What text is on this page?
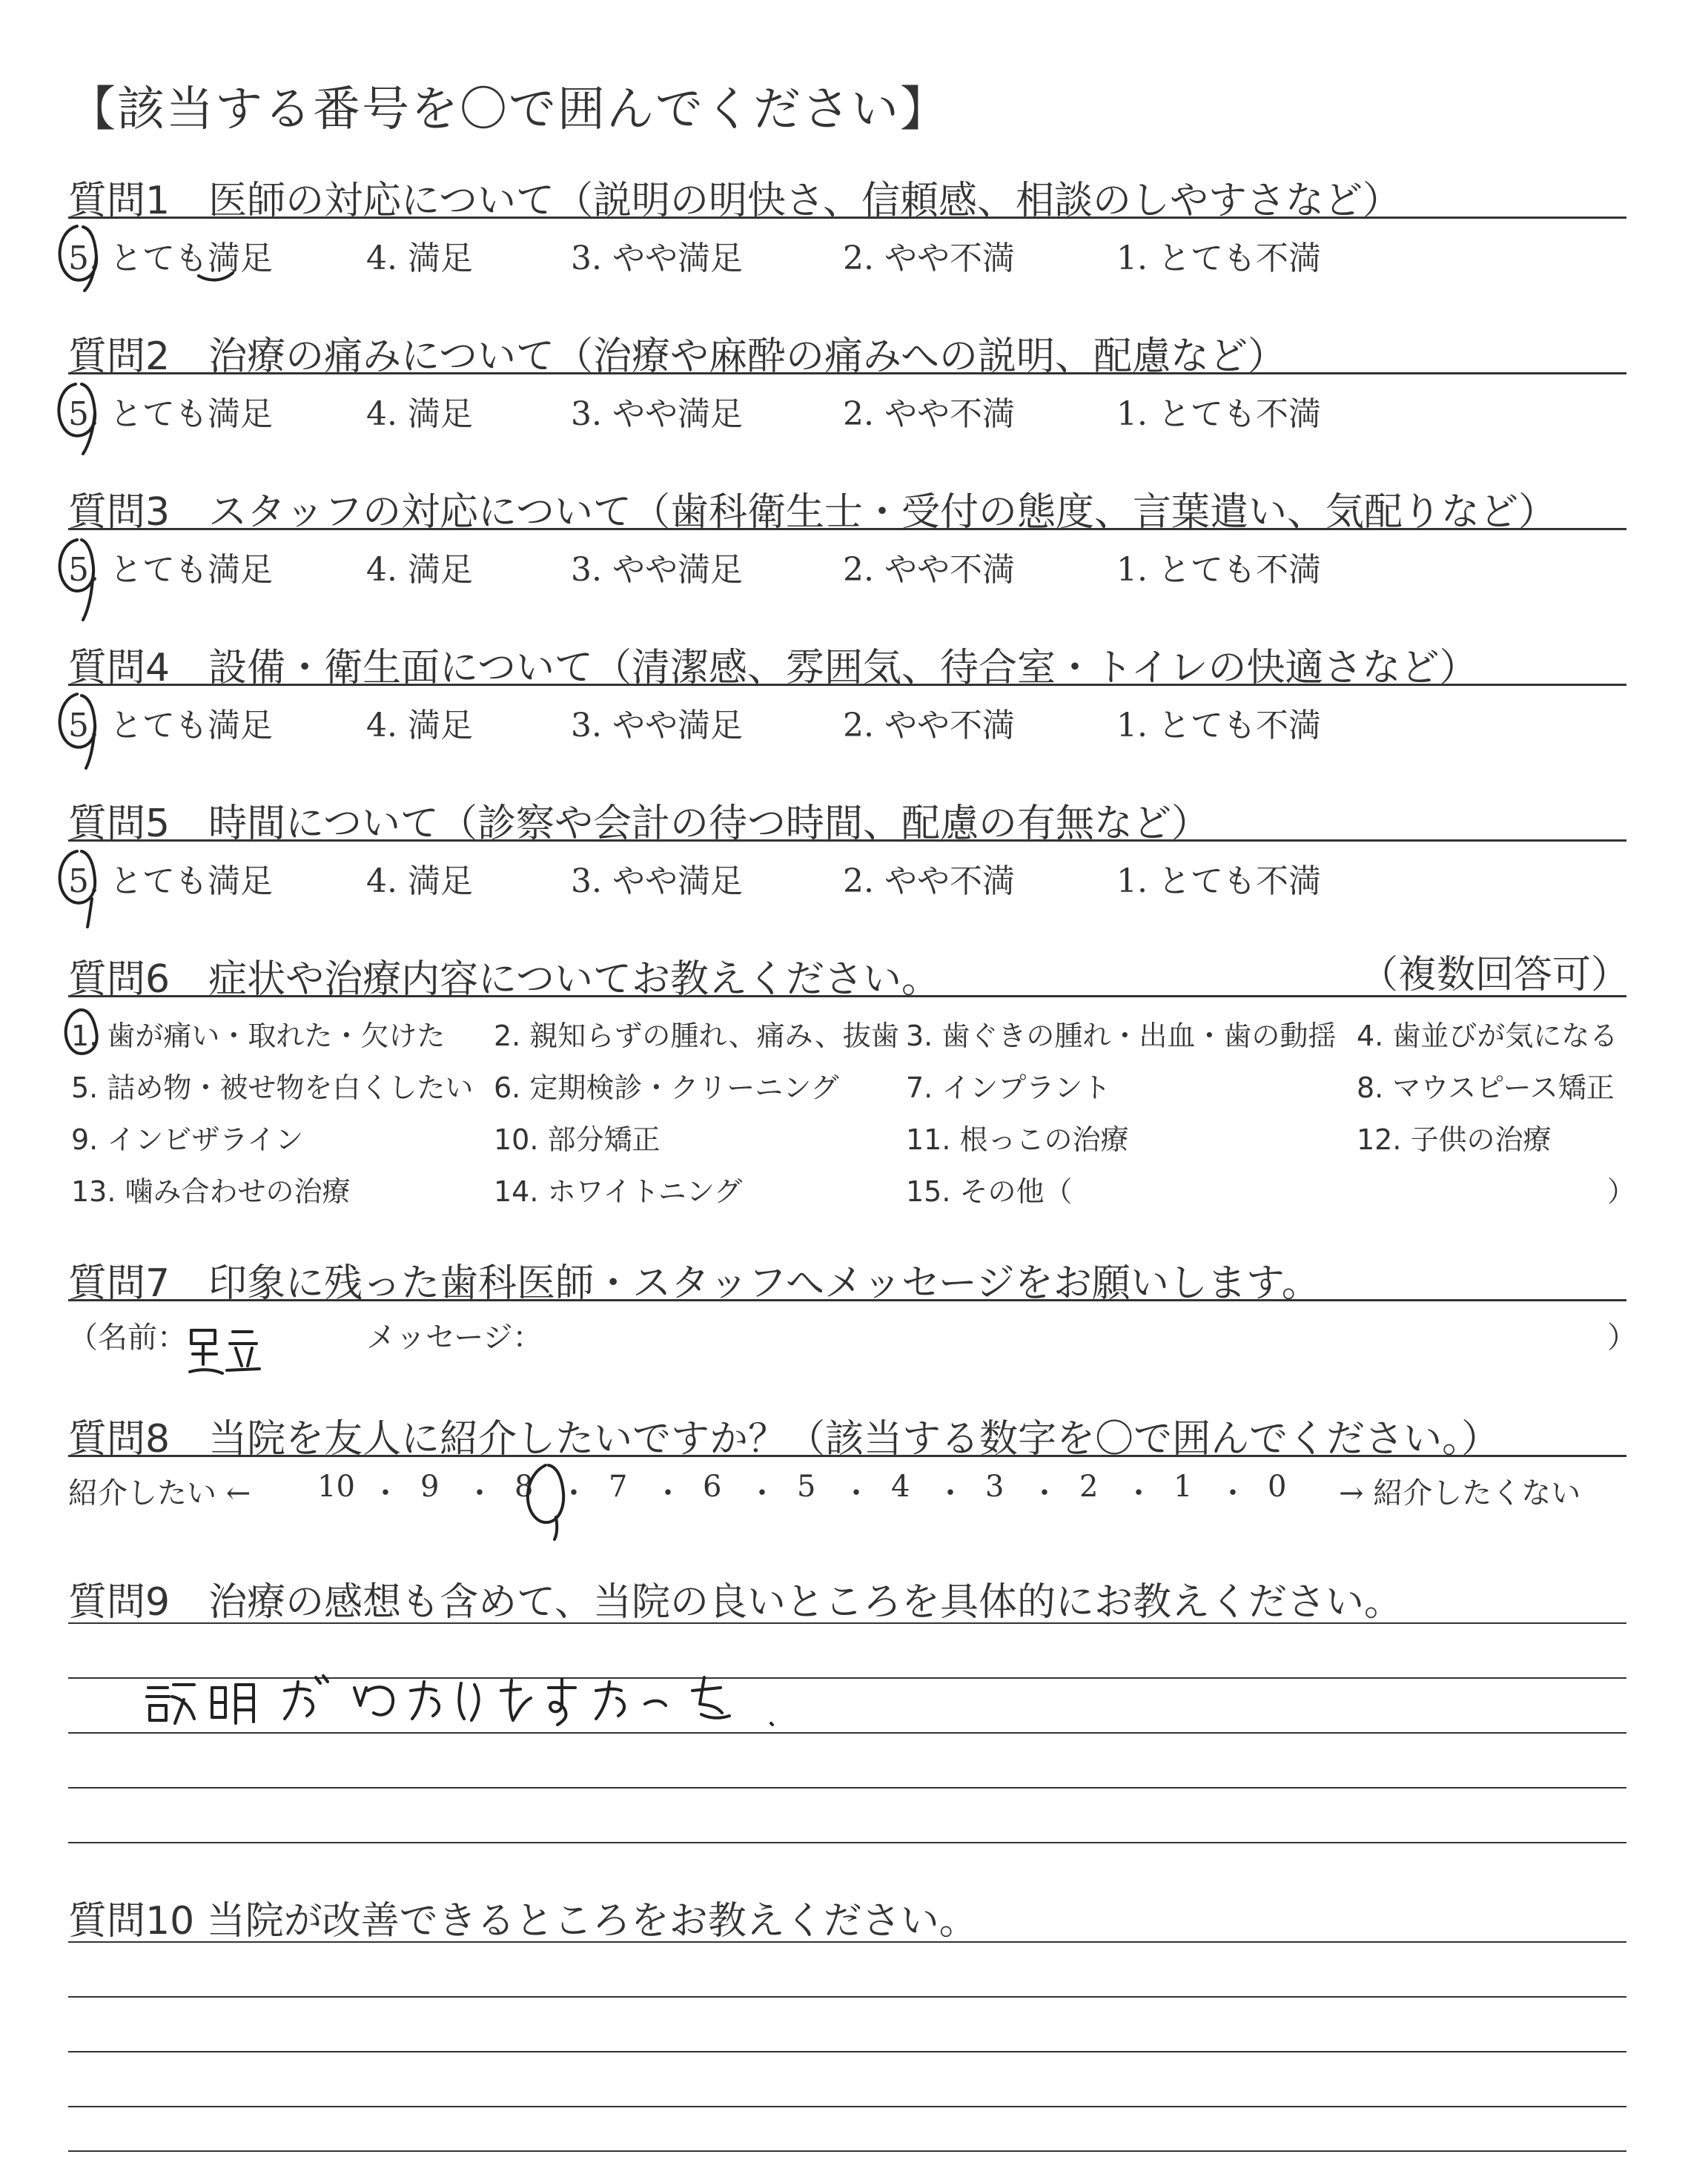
【該当する番号を〇で囲んでください】
質問1　医師の対応について（説明の明快さ、信頼感、相談のしやすさなど）
5. とても満足	4. 満足	3. やや満足	2. やや不満	1. とても不満
質問2　治療の痛みについて（治療や麻酔の痛みへの説明、配慮など）
5. とても満足	4. 満足	3. やや満足	2. やや不満	1. とても不満
質問3　スタッフの対応について（歯科衛生士・受付の態度、言葉遣い、気配りなど）
5. とても満足	4. 満足	3. やや満足	2. やや不満	1. とても不満
質問4　設備・衛生面について（清潔感、雰囲気、待合室・トイレの快適さなど）
5. とても満足	4. 満足	3. やや満足	2. やや不満	1. とても不満
質問5　時間について（診察や会計の待つ時間、配慮の有無など）
5. とても満足	4. 満足	3. やや満足	2. やや不満	1. とても不満
質問6　症状や治療内容についてお教えください。	（複数回答可）
1. 歯が痛い・取れた・欠けた 2. 親知らずの腫れ、痛み、抜歯 3. 歯ぐきの腫れ・出血・歯の動揺 4. 歯並びが気になる
5. 詰め物・被せ物を白くしたい 6. 定期検診・クリーニング 7. インプラント	8. マウスピース矯正
9. インビザライン	10. 部分矯正	11. 根っこの治療	12. 子供の治療
13. 噛み合わせの治療	14. ホワイトニング	15. その他（	）
質問7　印象に残った歯科医師・スタッフへメッセージをお願いします。
（名前：	メッセージ：	）
質問8　当院を友人に紹介したいですか？（該当する数字を〇で囲んでください。）
紹介したい ←	→ 紹介したくない
10 ・ 9 ・ 8 ・ 7 ・ 6 ・ 5 ・ 4 ・ 3 ・ 2 ・ 1 ・ 0
質問9　治療の感想も含めて、当院の良いところを具体的にお教えください。
質問10 当院が改善できるところをお教えください。
